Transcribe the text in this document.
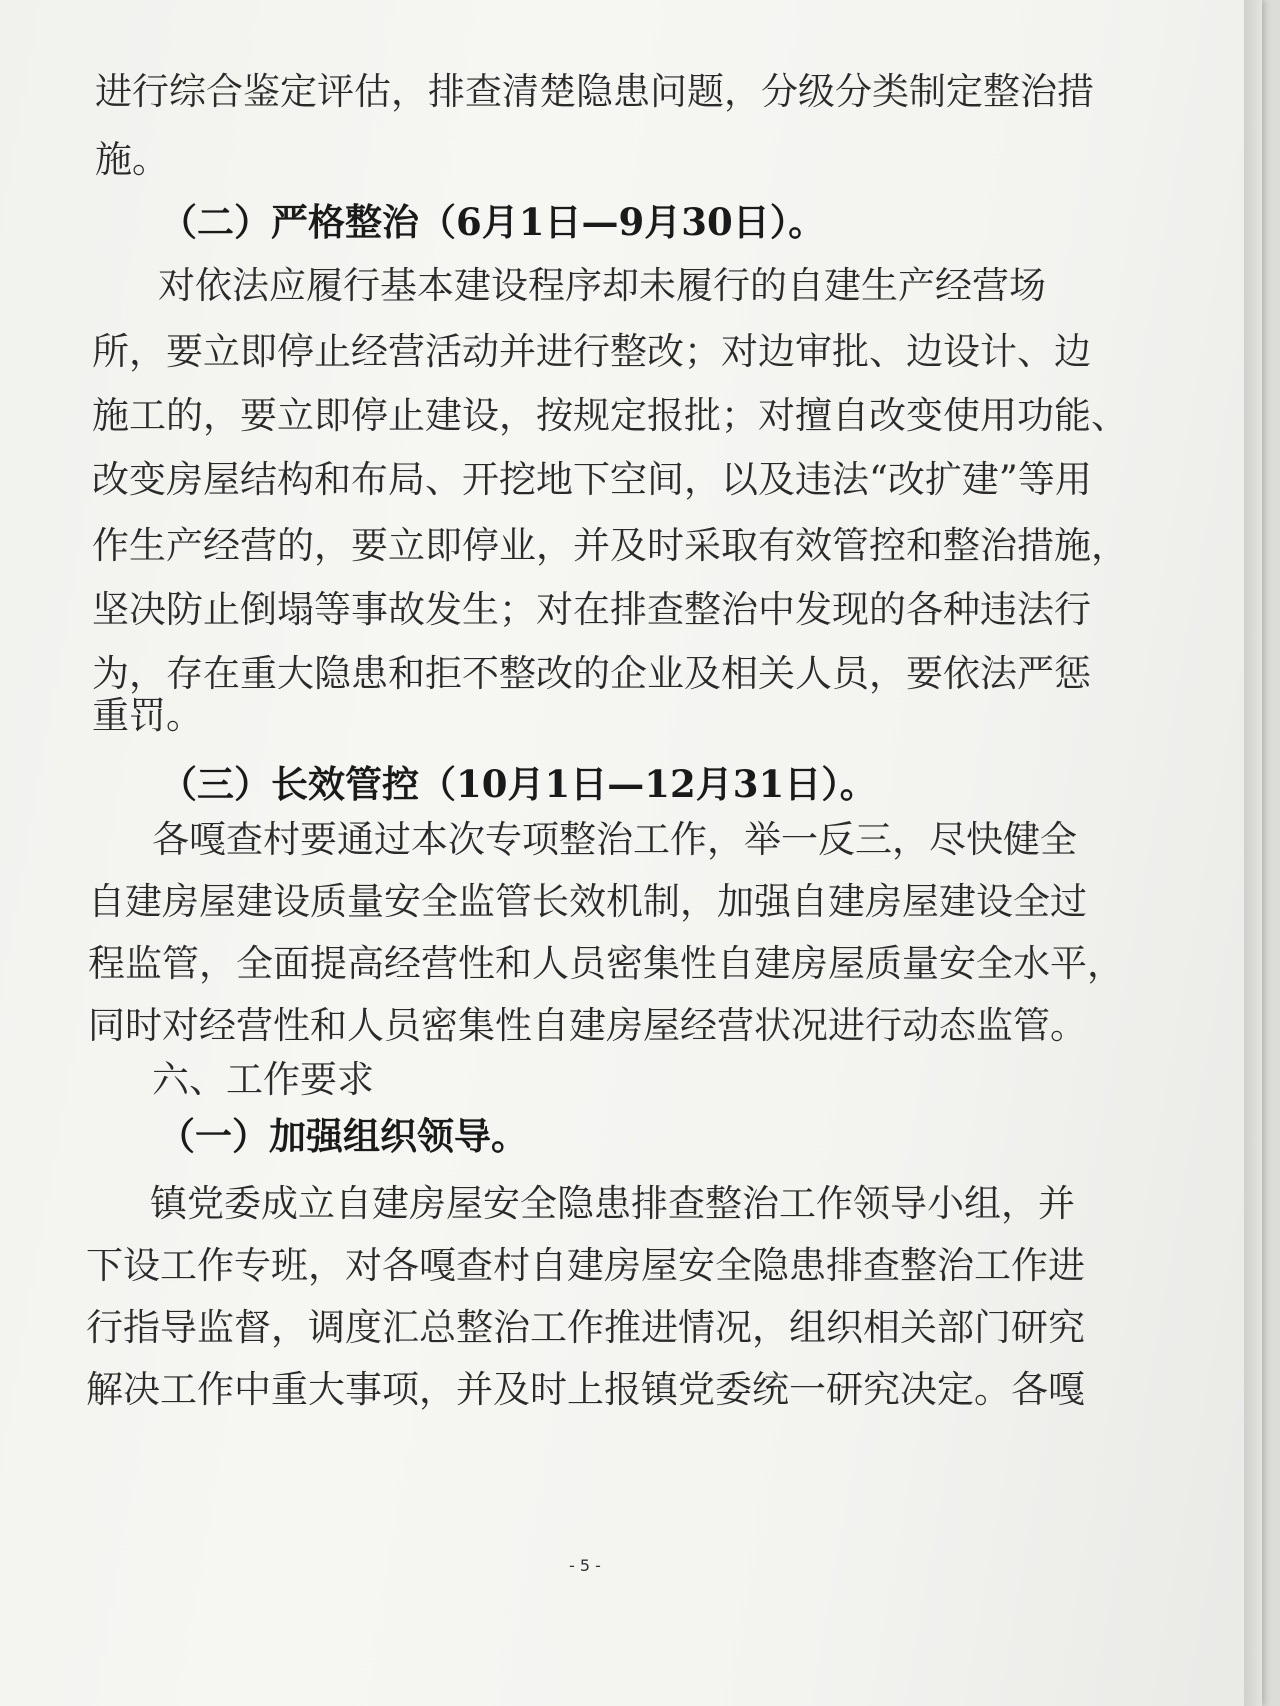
进行综合鉴定评估，排查清楚隐患问题，分级分类制定整治措
施。
（二）严格整治（6月1日—9月30日）。
对依法应履行基本建设程序却未履行的自建生产经营场
所，要立即停止经营活动并进行整改；对边审批、边设计、边
施工的，要立即停止建设，按规定报批；对擅自改变使用功能、
改变房屋结构和布局、开挖地下空间，以及违法“改扩建”等用
作生产经营的，要立即停业，并及时采取有效管控和整治措施，
坚决防止倒塌等事故发生；对在排查整治中发现的各种违法行
为，存在重大隐患和拒不整改的企业及相关人员，要依法严惩
重罚。
（三）长效管控（10月1日—12月31日）。
各嘎查村要通过本次专项整治工作，举一反三，尽快健全
自建房屋建设质量安全监管长效机制，加强自建房屋建设全过
程监管，全面提高经营性和人员密集性自建房屋质量安全水平，
同时对经营性和人员密集性自建房屋经营状况进行动态监管。
六、工作要求
（一）加强组织领导。
镇党委成立自建房屋安全隐患排查整治工作领导小组，并
下设工作专班，对各嘎查村自建房屋安全隐患排查整治工作进
行指导监督，调度汇总整治工作推进情况，组织相关部门研究
解决工作中重大事项，并及时上报镇党委统一研究决定。各嘎
- 5 -
